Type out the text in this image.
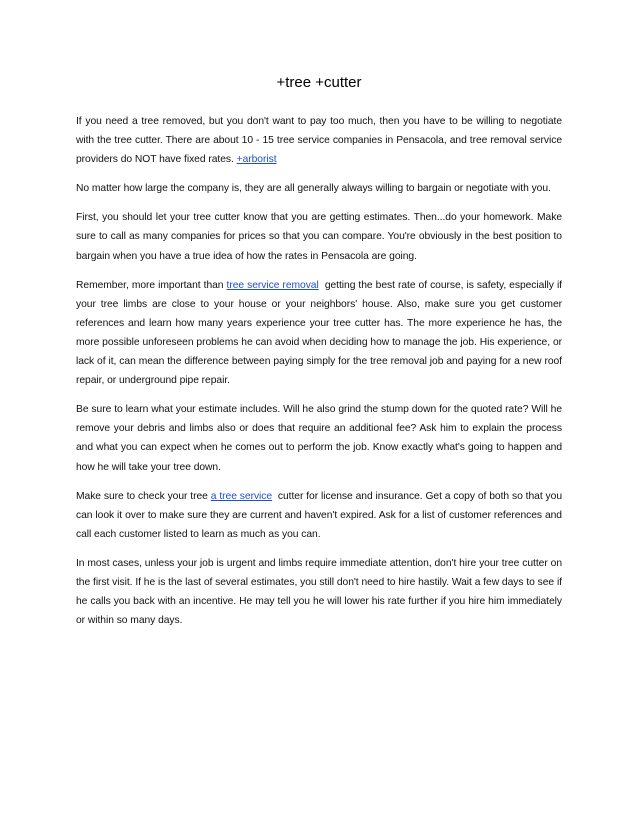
+tree +cutter

If you need a tree removed, but you don't want to pay too much, then you have to be willing to negotiate with the tree cutter. There are about 10 - 15 tree service companies in Pensacola, and tree removal service providers do NOT have fixed rates. +arborist

No matter how large the company is, they are all generally always willing to bargain or negotiate with you.

First, you should let your tree cutter know that you are getting estimates. Then...do your homework. Make sure to call as many companies for prices so that you can compare. You're obviously in the best position to bargain when you have a true idea of how the rates in Pensacola are going.

Remember, more important than tree service removal  getting the best rate of course, is safety, especially if your tree limbs are close to your house or your neighbors' house. Also, make sure you get customer references and learn how many years experience your tree cutter has. The more experience he has, the more possible unforeseen problems he can avoid when deciding how to manage the job. His experience, or lack of it, can mean the difference between paying simply for the tree removal job and paying for a new roof repair, or underground pipe repair.

Be sure to learn what your estimate includes. Will he also grind the stump down for the quoted rate? Will he remove your debris and limbs also or does that require an additional fee? Ask him to explain the process and what you can expect when he comes out to perform the job. Know exactly what's going to happen and how he will take your tree down.

Make sure to check your tree a tree service  cutter for license and insurance. Get a copy of both so that you can look it over to make sure they are current and haven't expired. Ask for a list of customer references and call each customer listed to learn as much as you can.

In most cases, unless your job is urgent and limbs require immediate attention, don't hire your tree cutter on the first visit. If he is the last of several estimates, you still don't need to hire hastily. Wait a few days to see if he calls you back with an incentive. He may tell you he will lower his rate further if you hire him immediately or within so many days.
